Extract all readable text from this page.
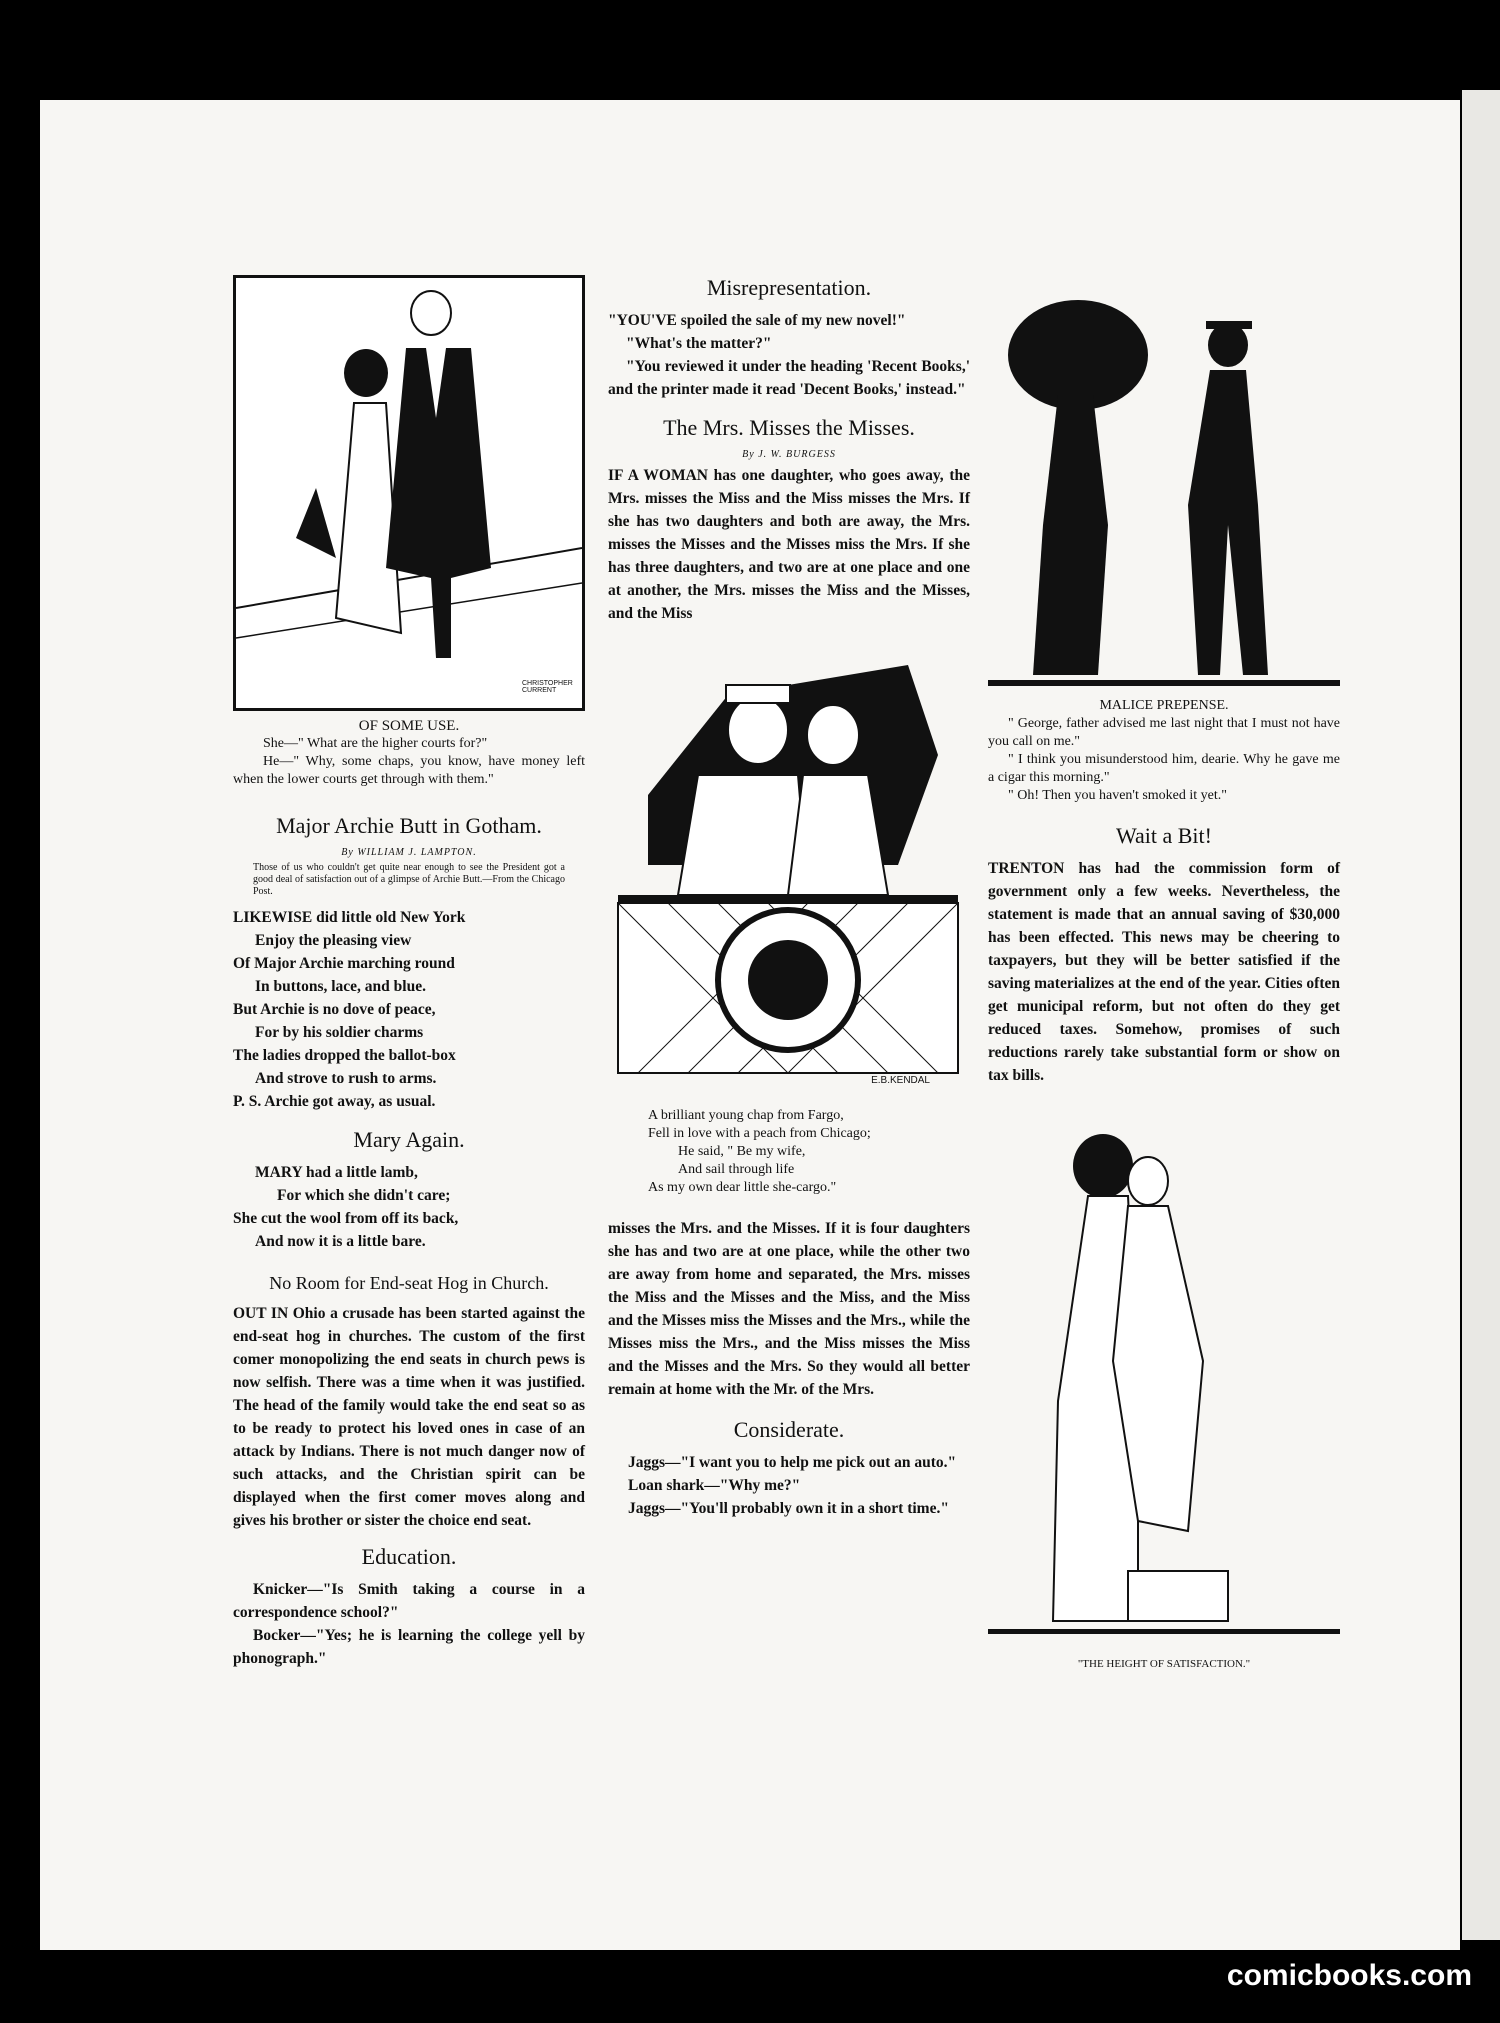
CHRISTOPHER CURRENT
OF SOME USE.

She—" What are the higher courts for?"

He—" Why, some chaps, you know, have money left when the lower courts get through with them."

Major Archie Butt in Gotham.
By WILLIAM J. LAMPTON.

Those of us who couldn't get quite near enough to see the President got a good deal of satisfaction out of a glimpse of Archie Butt.—From the Chicago Post.

LIKEWISE did little old New York

Enjoy the pleasing view

Of Major Archie marching round

In buttons, lace, and blue.

But Archie is no dove of peace,

For by his soldier charms

The ladies dropped the ballot-box

And strove to rush to arms.

P. S. Archie got away, as usual.

Mary Again.

MARY had a little lamb,

For which she didn't care;

She cut the wool from off its back,

And now it is a little bare.

No Room for End-seat Hog in Church.

OUT IN Ohio a crusade has been started against the end-seat hog in churches. The custom of the first comer monopolizing the end seats in church pews is now selfish. There was a time when it was justified. The head of the family would take the end seat so as to be ready to protect his loved ones in case of an attack by Indians. There is not much danger now of such attacks, and the Christian spirit can be displayed when the first comer moves along and gives his brother or sister the choice end seat.

Education.

Knicker—"Is Smith taking a course in a correspondence school?"

Bocker—"Yes; he is learning the college yell by phonograph."

Misrepresentation.

"YOU'VE spoiled the sale of my new novel!"

"What's the matter?"

"You reviewed it under the heading 'Recent Books,' and the printer made it read 'Decent Books,' instead."

The Mrs. Misses the Misses.
By J. W. BURGESS

IF A WOMAN has one daughter, who goes away, the Mrs. misses the Miss and the Miss misses the Mrs. If she has two daughters and both are away, the Mrs. misses the Misses and the Misses miss the Mrs. If she has three daughters, and two are at one place and one at another, the Mrs. misses the Miss and the Misses, and the Miss

E.B.KENDAL
A brilliant young chap from Fargo,
Fell in love with a peach from Chicago;
He said, " Be my wife,
And sail through life
As my own dear little she-cargo."

misses the Mrs. and the Misses. If it is four daughters she has and two are at one place, while the other two are away from home and separated, the Mrs. misses the Miss and the Misses and the Miss, and the Miss and the Misses miss the Misses and the Mrs., while the Misses miss the Mrs., and the Miss misses the Miss and the Misses and the Mrs. So they would all better remain at home with the Mr. of the Mrs.

Considerate.

Jaggs—"I want you to help me pick out an auto."

Loan shark—"Why me?"

Jaggs—"You'll probably own it in a short time."

MALICE PREPENSE.

" George, father advised me last night that I must not have you call on me."

" I think you misunderstood him, dearie. Why he gave me a cigar this morning."

" Oh! Then you haven't smoked it yet."

Wait a Bit!

TRENTON has had the commission form of government only a few weeks. Nevertheless, the statement is made that an annual saving of $30,000 has been effected. This news may be cheering to taxpayers, but they will be better satisfied if the saving materializes at the end of the year. Cities often get municipal reform, but not often do they get reduced taxes. Somehow, promises of such reductions rarely take substantial form or show on tax bills.

"THE HEIGHT OF SATISFACTION."
comicbooks.com
